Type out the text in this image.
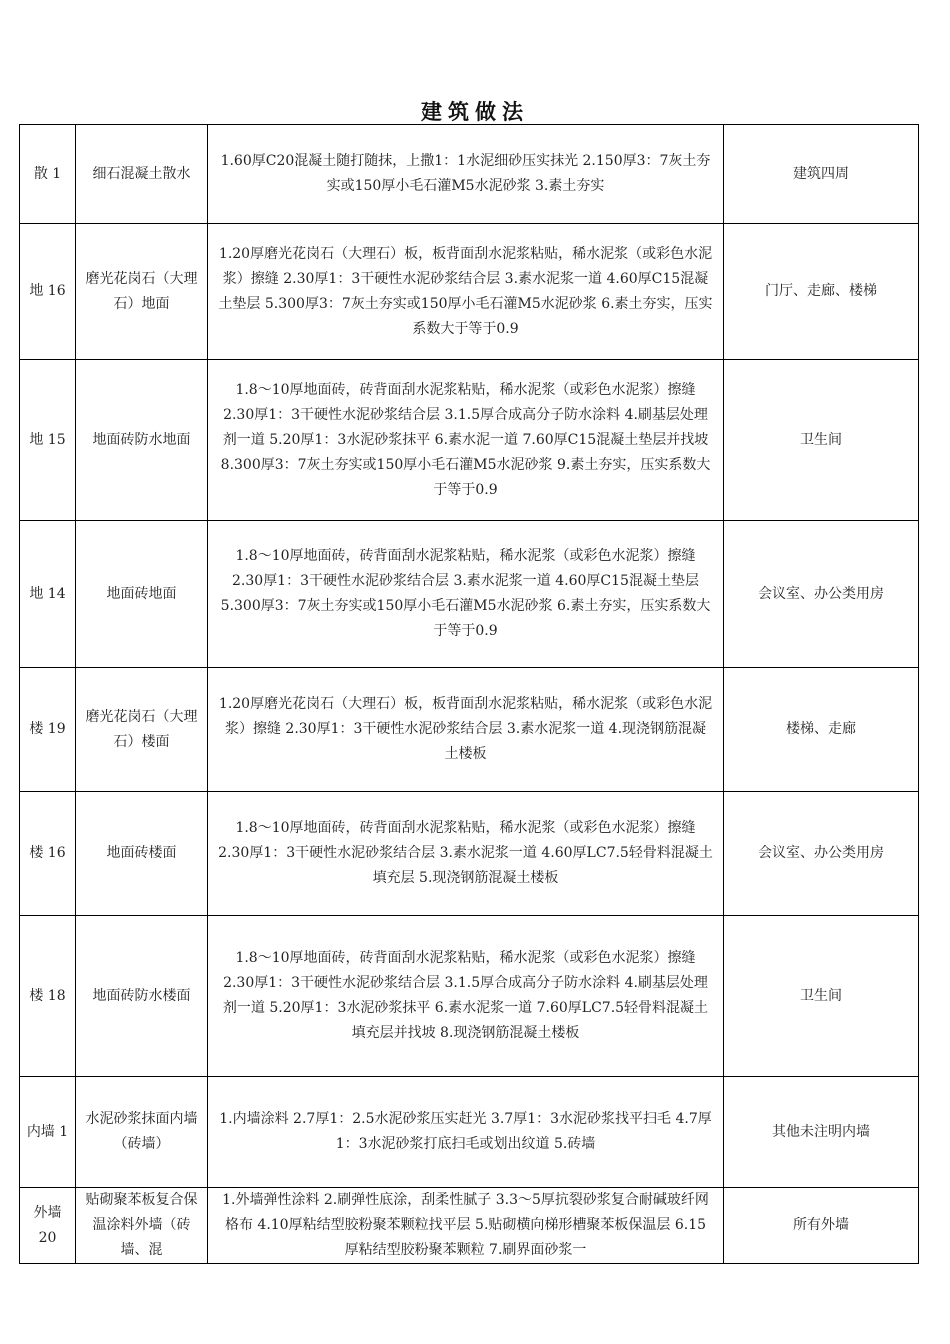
建筑做法
散 1	细石混凝土散水	1.60厚C20混凝土随打随抹，上撒1：1水泥细砂压实抹光 2.150厚3：7灰土夯实或150厚小毛石灌M5水泥砂浆 3.素土夯实	建筑四周
地 16	磨光花岗石（大理石）地面	1.20厚磨光花岗石（大理石）板，板背面刮水泥浆粘贴，稀水泥浆（或彩色水泥浆）擦缝 2.30厚1：3干硬性水泥砂浆结合层 3.素水泥浆一道 4.60厚C15混凝土垫层 5.300厚3：7灰土夯实或150厚小毛石灌M5水泥砂浆 6.素土夯实，压实系数大于等于0.9	门厅、走廊、楼梯
地 15	地面砖防水地面	1.8～10厚地面砖，砖背面刮水泥浆粘贴，稀水泥浆（或彩色水泥浆）擦缝 2.30厚1：3干硬性水泥砂浆结合层 3.1.5厚合成高分子防水涂料 4.刷基层处理剂一道 5.20厚1：3水泥砂浆抹平 6.素水泥一道 7.60厚C15混凝土垫层并找坡 8.300厚3：7灰土夯实或150厚小毛石灌M5水泥砂浆 9.素土夯实，压实系数大于等于0.9	卫生间
地 14	地面砖地面	1.8～10厚地面砖，砖背面刮水泥浆粘贴，稀水泥浆（或彩色水泥浆）擦缝 2.30厚1：3干硬性水泥砂浆结合层 3.素水泥浆一道 4.60厚C15混凝土垫层 5.300厚3：7灰土夯实或150厚小毛石灌M5水泥砂浆 6.素土夯实，压实系数大于等于0.9	会议室、办公类用房
楼 19	磨光花岗石（大理石）楼面	1.20厚磨光花岗石（大理石）板，板背面刮水泥浆粘贴，稀水泥浆（或彩色水泥浆）擦缝 2.30厚1：3干硬性水泥砂浆结合层 3.素水泥浆一道 4.现浇钢筋混凝土楼板	楼梯、走廊
楼 16	地面砖楼面	1.8～10厚地面砖，砖背面刮水泥浆粘贴，稀水泥浆（或彩色水泥浆）擦缝 2.30厚1：3干硬性水泥砂浆结合层 3.素水泥浆一道 4.60厚LC7.5轻骨料混凝土填充层 5.现浇钢筋混凝土楼板	会议室、办公类用房
楼 18	地面砖防水楼面	1.8～10厚地面砖，砖背面刮水泥浆粘贴，稀水泥浆（或彩色水泥浆）擦缝 2.30厚1：3干硬性水泥砂浆结合层 3.1.5厚合成高分子防水涂料 4.刷基层处理剂一道 5.20厚1：3水泥砂浆抹平 6.素水泥浆一道 7.60厚LC7.5轻骨料混凝土填充层并找坡 8.现浇钢筋混凝土楼板	卫生间
内墙 1	水泥砂浆抹面内墙（砖墙）	1.内墙涂料 2.7厚1：2.5水泥砂浆压实赶光 3.7厚1：3水泥砂浆找平扫毛 4.7厚1：3水泥砂浆打底扫毛或划出纹道 5.砖墙	其他未注明内墙

外墙 20	贴砌聚苯板复合保温涂料外墙（砖墙、混	1.外墙弹性涂料 2.刷弹性底涂，刮柔性腻子 3.3～5厚抗裂砂浆复合耐碱玻纤网格布 4.10厚粘结型胶粉聚苯颗粒找平层 5.贴砌横向梯形槽聚苯板保温层 6.15厚粘结型胶粉聚苯颗粒 7.刷界面砂浆一	所有外墙
